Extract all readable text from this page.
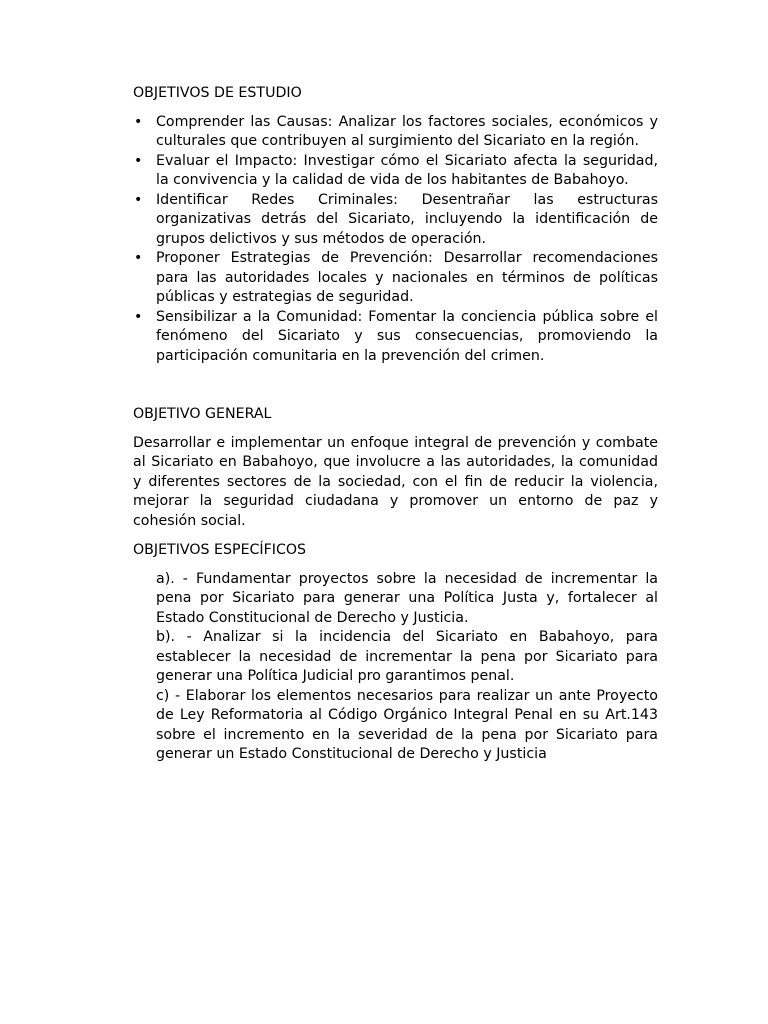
OBJETIVOS DE ESTUDIO
• Comprender las Causas: Analizar los factores sociales, económicos y culturales que contribuyen al surgimiento del Sicariato en la región.
• Evaluar el Impacto: Investigar cómo el Sicariato afecta la seguridad, la convivencia y la calidad de vida de los habitantes de Babahoyo.
• Identificar Redes Criminales: Desentrañar las estructuras organizativas detrás del Sicariato, incluyendo la identificación de grupos delictivos y sus métodos de operación.
• Proponer Estrategias de Prevención: Desarrollar recomendaciones para las autoridades locales y nacionales en términos de políticas públicas y estrategias de seguridad.
• Sensibilizar a la Comunidad: Fomentar la conciencia pública sobre el fenómeno del Sicariato y sus consecuencias, promoviendo la participación comunitaria en la prevención del crimen.
OBJETIVO GENERAL

Desarrollar e implementar un enfoque integral de prevención y combate al Sicariato en Babahoyo, que involucre a las autoridades, la comunidad y diferentes sectores de la sociedad, con el fin de reducir la violencia, mejorar la seguridad ciudadana y promover un entorno de paz y cohesión social.

OBJETIVOS ESPECÍFICOS

a). - Fundamentar proyectos sobre la necesidad de incrementar la pena por Sicariato para generar una Política Justa y, fortalecer al Estado Constitucional de Derecho y Justicia.

b). - Analizar si la incidencia del Sicariato en Babahoyo, para establecer la necesidad de incrementar la pena por Sicariato para generar una Política Judicial pro garantimos penal.

c) - Elaborar los elementos necesarios para realizar un ante Proyecto de Ley Reformatoria al Código Orgánico Integral Penal en su Art.143 sobre el incremento en la severidad de la pena por Sicariato para generar un Estado Constitucional de Derecho y Justicia
